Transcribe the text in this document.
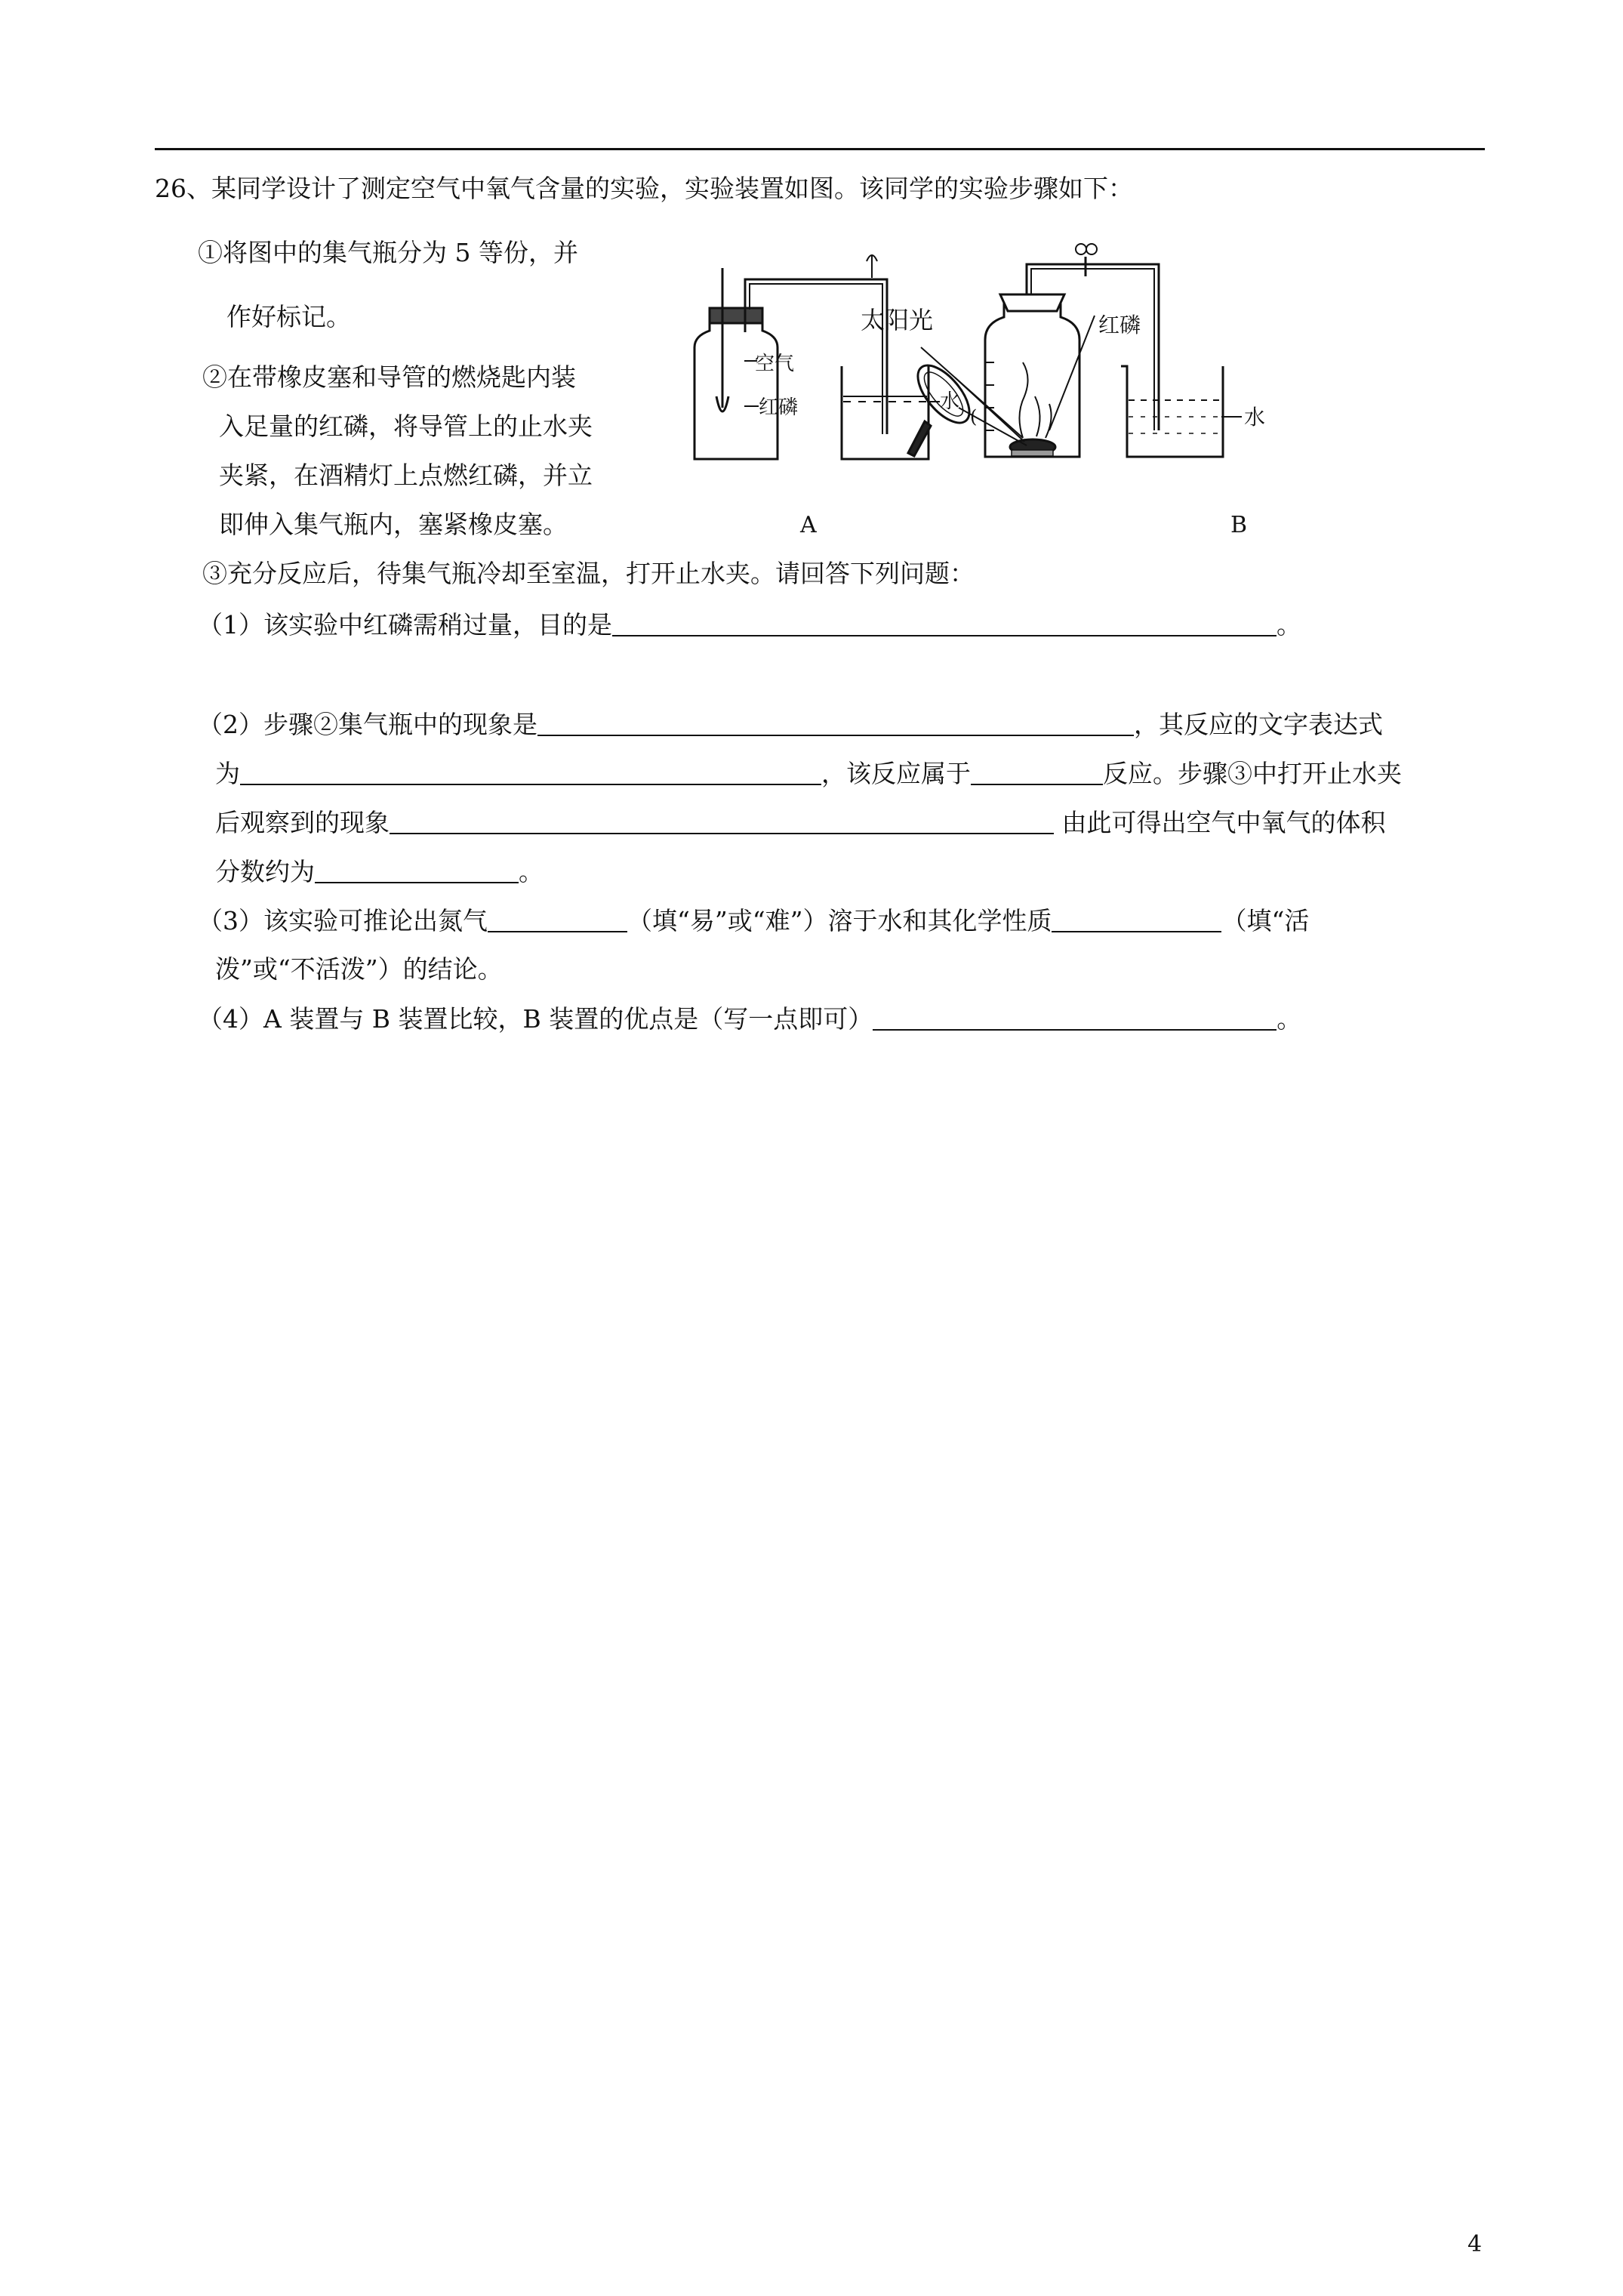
26、某同学设计了测定空气中氧气含量的实验，实验装置如图。该同学的实验步骤如下：
①将图中的集气瓶分为 5 等份，并
作好标记。
②在带橡皮塞和导管的燃烧匙内装
入足量的红磷，将导管上的止水夹
夹紧，在酒精灯上点燃红磷，并立
即伸入集气瓶内，塞紧橡皮塞。
③充分反应后，待集气瓶冷却至室温，打开止水夹。请回答下列问题：
(
空气
红磷	水
太阳光	红磷
水
A	B
（1）该实验中红磷需稍过量，目的是	。
（2）步骤②集气瓶中的现象是	，其反应的文字表达式
为	，该反应属于	反应。步骤③中打开止水夹
后观察到的现象	由此可得出空气中氧气的体积
分数约为	。
（3）该实验可推论出氮气	（填“易”或“难”）溶于水和其化学性质	（填“活
泼”或“不活泼”）的结论。
（4）A 装置与 B 装置比较，B 装置的优点是（写一点即可）	。
4
